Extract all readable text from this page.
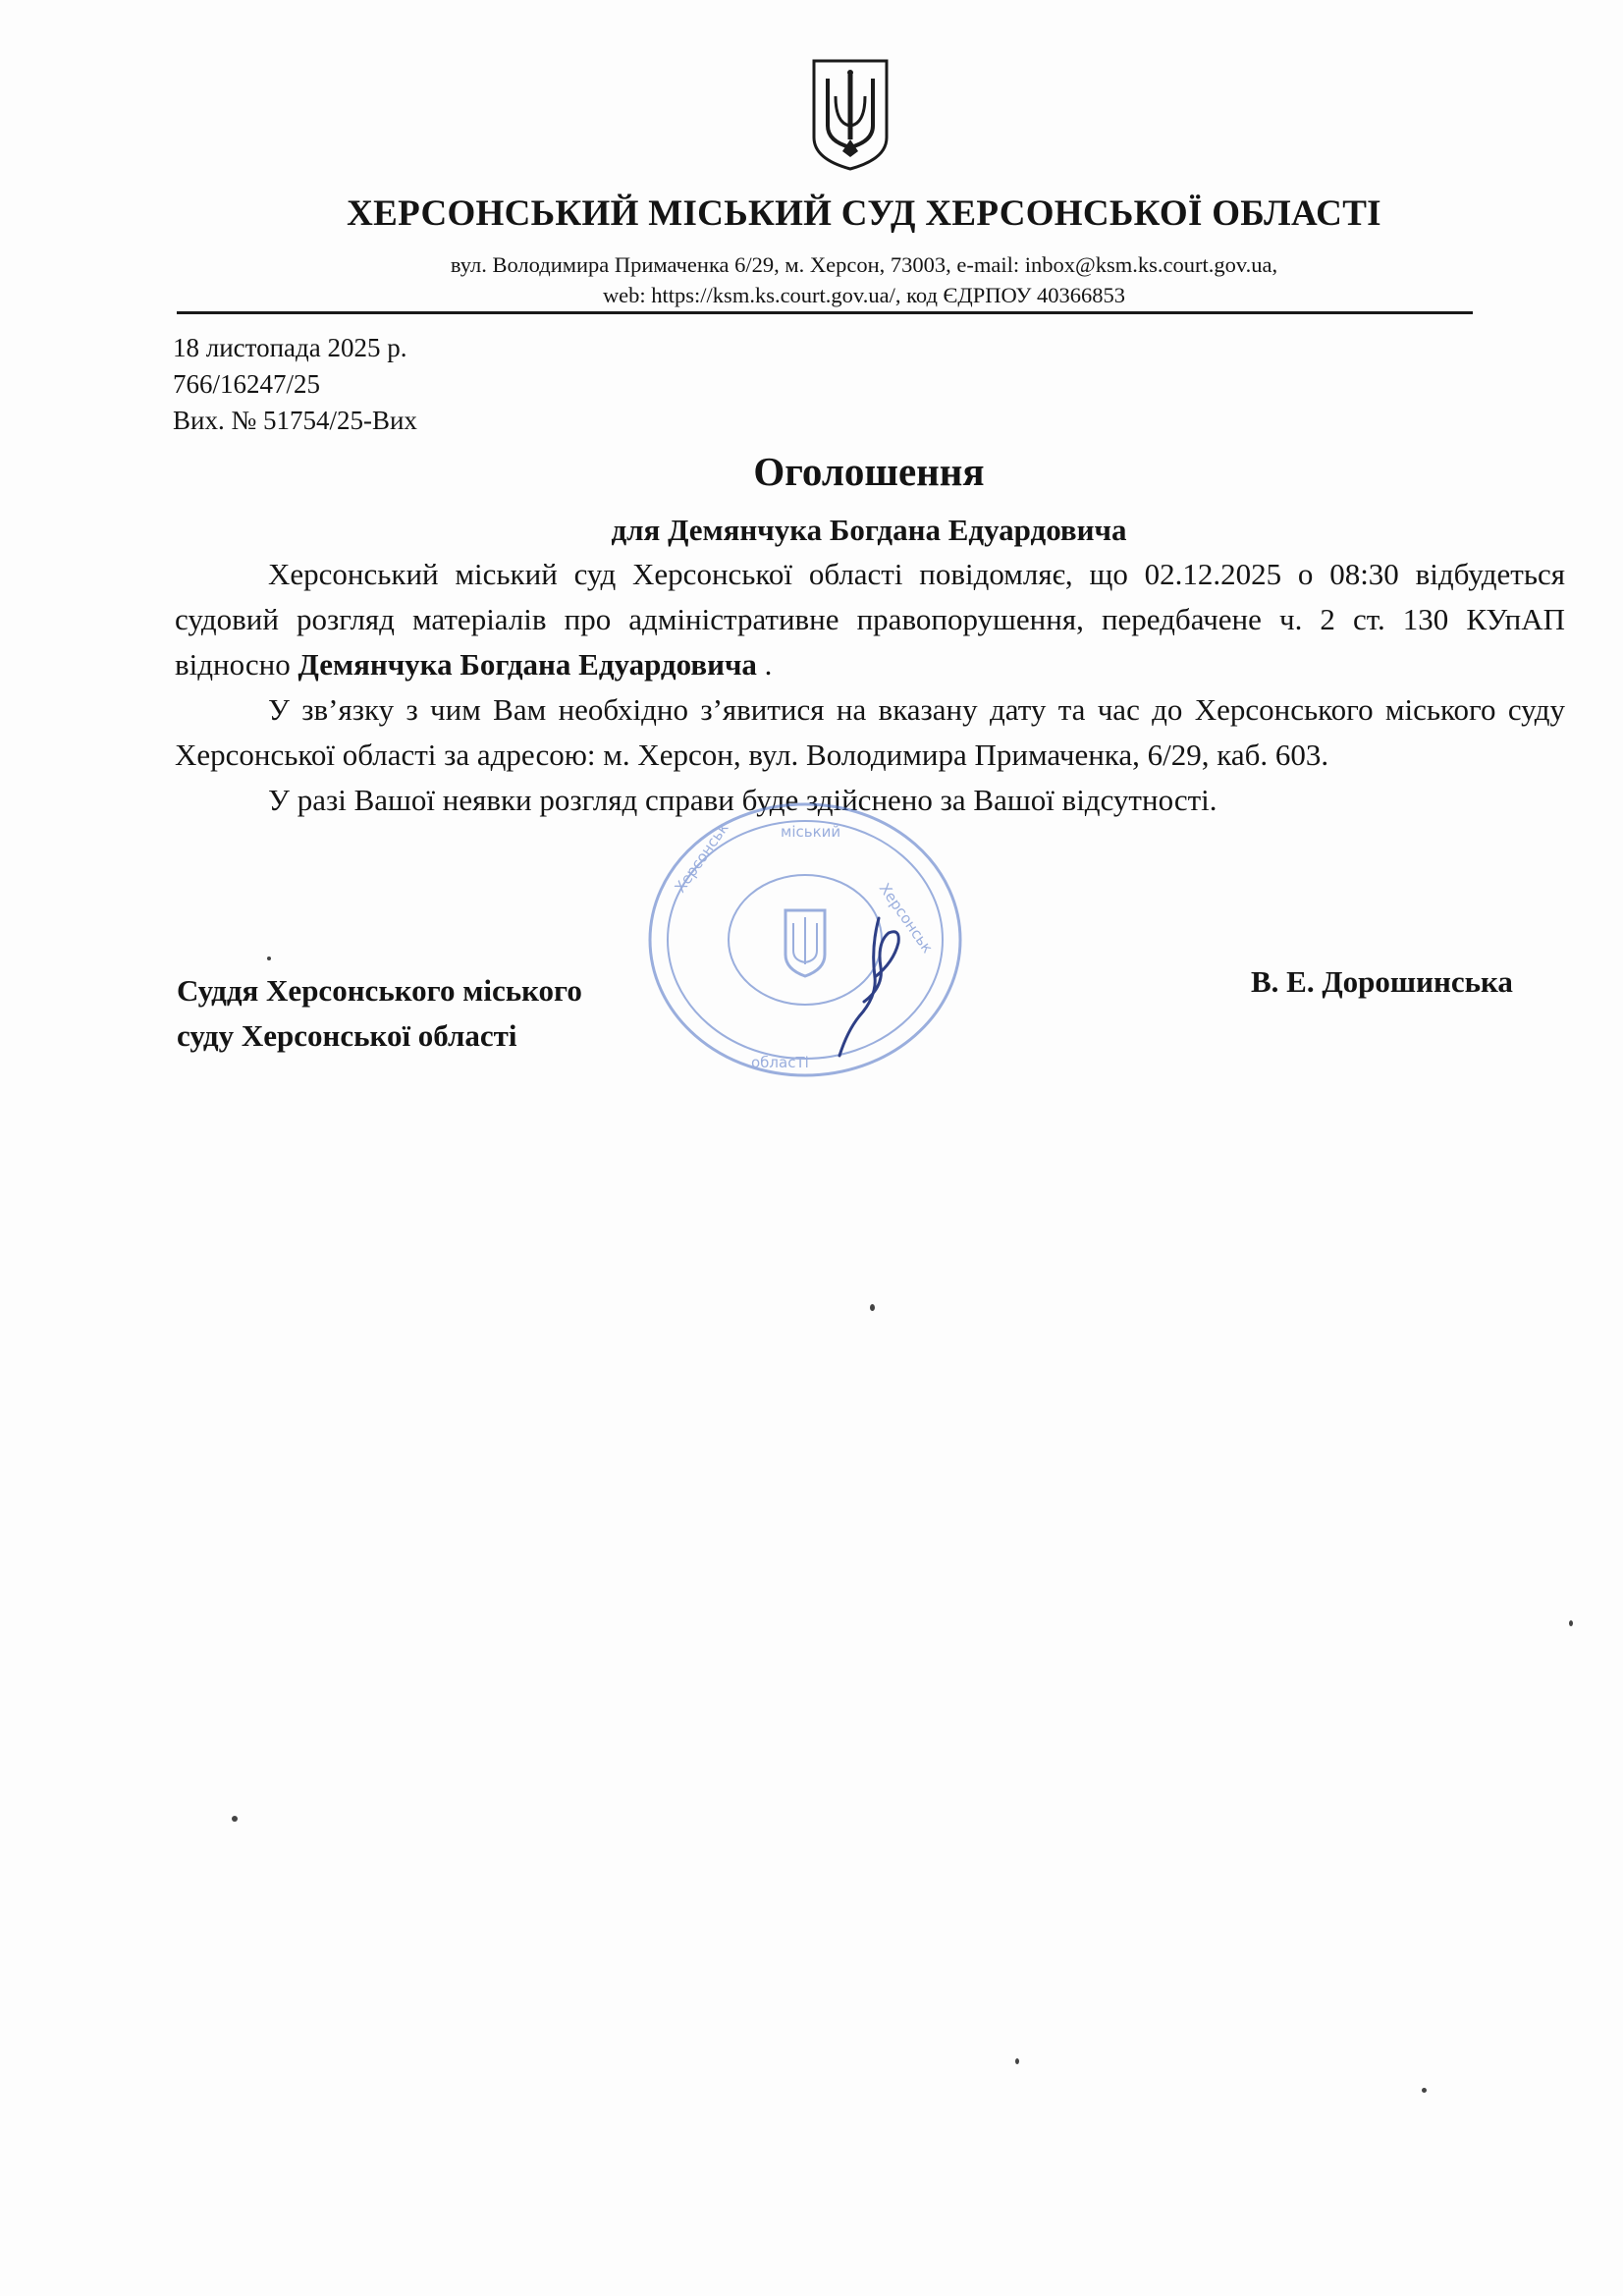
ХЕРСОНСЬКИЙ МІСЬКИЙ СУД ХЕРСОНСЬКОЇ ОБЛАСТІ
вул. Володимира Примаченка 6/29, м. Херсон, 73003, e-mail: inbox@ksm.ks.court.gov.ua,
web: https://ksm.ks.court.gov.ua/, код ЄДРПОУ 40366853
18 листопада 2025 р.
766/16247/25
Вих. № 51754/25-Вих
Оголошення
для Демянчука Богдана Едуардовича

Херсонський міський суд Херсонської області повідомляє, що 02.12.2025 о 08:30 відбудеться судовий розгляд матеріалів про адміністративне правопорушення, передбачене ч. 2 ст. 130 КУпАП відносно Демянчука Богдана Едуардовича .

У зв’язку з чим Вам необхідно з’явитися на вказану дату та час до Херсонського міського суду Херсонської області за адресою: м. Херсон, вул. Володимира Примаченка, 6/29, каб. 603.

У разі Вашої неявки розгляд справи буде здійснено за Вашої відсутності.

мiський
Херсонськ
Херсонськ
обласТi
Суддя Херсонського міського
суду Херсонської області
В. Е. Дорошинська
